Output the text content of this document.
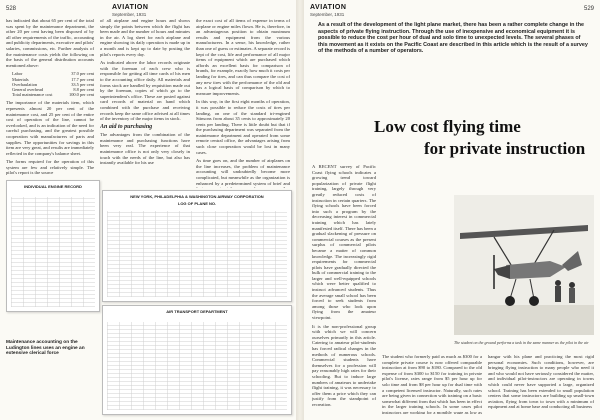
528	AVIATION
September, 1931

has indicated that about 65 per cent of the total was spent by the maintenance department, the other 20 per cent having been disposed of by all other requirements of the traffic, accounting and publicity departments, executive and pilots' salaries, commissions, etc. Further analysis of the maintenance costs yields the following on the basis of the general distribution accounts mentioned above:

Labor	37.0 per cent
Materials	17.7 per cent
Overhaulation	33.5 per cent
General overhead	8.8 per cent
Total maintenance cost	100.0 per cent

The importance of the materials item, which represents almost 20 per cent of the maintenance cost, and 25 per cent of the entire cost of operation of the line, cannot be overlooked, and is an indication of the need for careful purchasing, and the greatest possible cooperation with manufacturers of parts and supplies. The opportunities for savings in this item are very great, and results are immediately reflected in the company's balance sheet.

The forms required for the operation of this system are few and relatively simple. The pilot's report is the source

of all airplane and engine hours and shows simply the points between which the flight has been made and the number of hours and minutes in the air. A log sheet for each airplane and engine showing its daily operation is made up in a month and is kept up to date by posting the pilot's reports every day.

As indicated above the labor records originate with the foreman of each crew who is responsible for getting all time cards of his men to the accounting office daily. All materials and forms stock are handled by requisition made out by the foreman, copies of which go to the superintendent's office. These are posted against card records of material on hand which combined with the purchase and receiving records keep the same office advised at all times of the inventory of the major items in stock.

An aid to purchasing

The advantages from the combination of the maintenance and purchasing functions have been very real. The experience of that maintenance office is not only very closely in touch with the needs of the line, but also has instantly available for his use

the exact cost of all items of expense in terms of airplane or engine miles flown. He is, therefore, in an advantageous position to obtain maximum results and equipment from the various manufacturers. In a sense, his knowledge, rather than one of guess or estimates. A separate record is kept of the cost, life and performance of all major items of equipment which are purchased which affords an excellent basis for comparison of brands, for example, exactly how much it costs per landing for tires, and can thus compare the cost of any new tires with the performance of the old and has a logical basis of comparison by which to measure improvements.

In this way, in the first eight months of operation, it was possible to reduce the costs of tires per landing, on one of the standard tri-engined Stinsons from about 35 cents to approximately 20 cents per landing. There is little doubt but that if the purchasing department was separated from the maintenance department and operated from some remote central office, the advantages arising from such close cooperation would be lost in many cases.

As time goes on, and the number of airplanes on the line increases, the problem of maintenance accounting will undoubtedly become more complicated, but meanwhile as the organization is enhanced by a predetermined system of brief and

INDIVIDUAL ENGINE RECORD
NEW YORK, PHILADELPHIA & WASHINGTON AIRWAY CORPORATION
LOG OF PLANE NO.
AIR TRANSPORT DEPARTMENT
Maintenance accounting on the Ludington lines uses an engine an extensive clerical force
AVIATION
September, 1931
529
As a result of the development of the light plane market, there has been a rather complete change in the aspects of private flying instruction. Through the use of inexpensive and economical equipment it is possible to reduce the cost per hour of dual and solo time to unexpected levels. The several phases of this movement as it exists on the Pacific Coast are described in this article which is the result of a survey of the methods of a number of operators.
Low cost flying time
for private instruction

A RECENT survey of Pacific Coast flying schools indicates a growing trend toward popularization of private flight training, largely through very greatly reduced costs of instruction in certain quarters. The flying schools have been forced into such a program by the decreasing interest in commercial training which has lately manifested itself. There has been a gradual slackening of pressure on commercial courses as the present surplus of commercial pilots became a matter of common knowledge. The increasingly rigid requirements for commercial pilots have gradually directed the bulk of commercial training to the larger and well-equipped schools which were better qualified to instruct advanced students. Thus the average small school has been forced to seek students from among those who look upon flying from the amateur viewpoint.

It is the non-professional group with which we will concern ourselves primarily in this article. Catering to amateur pilot-students has forced radical changes in the methods of numerous schools. Commercial students have themselves for a profession will pay reasonably high rates for their schooling. But to induce large numbers of amateurs to undertake flight training, it was necessary to offer them a price which they can justify from the standpoint of recreation.

The student who formerly paid as much as $300 for a complete private course is now offered comparable instruction at from $90 to $180. Compared to the old expense of from $300 to $150 for training in private pilot's license, rates range from $5 per hour up for solo time and from $8 per hour up for dual time with a competent licensed instructor. Naturally, such rates are being given in connection with training on a basic somewhat different from that which has been in effect in the larger training schools. In some cases pilot instructors are working for a monthly wage as low as

hangar with his plane and practicing the most rigid personal economies. Such conditions, however, are bringing flying instruction to many people who need it and who would not have seriously considered the matter, and individual pilot-instructors are operating in towns which could never have supported a large, organized school. Training has been extended to small population centers that some instructors are building up small-town aviation, flying from town to town with a minimum of equipment and at home base and conducting all business

The student on the ground performs a task in the same manner as the pilot in the air
